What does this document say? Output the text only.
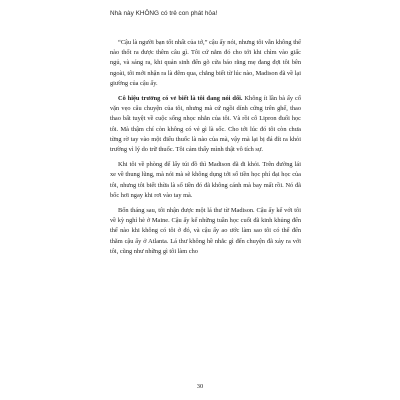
Nhà này KHÔNG có trẻ con phát hỏa!

“Cậu là người bạn tốt nhất của tớ,” cậu ấy nói, nhưng tôi vẫn không thể nào thốt ra được thêm câu gì. Tôi cứ nằm đó cho tới khi chìm vào giấc ngủ, và sáng ra, khi quản sinh đến gõ cửa báo rằng mẹ đang đợi tôi bên ngoài, tôi mới nhận ra là đêm qua, chẳng biết từ lúc nào, Madison đã về lại giường của cậu ấy.

Cô hiệu trưởng có vẻ biết là tôi đang nói dối. Không ít lần bà ấy cố vặn vẹo câu chuyện của tôi, nhưng mà cứ ngồi dính cứng trên ghế, thao thao bất tuyệt về cuộc sống nhọc nhằn của tôi. Và rồi cô Lipron đuổi học tôi. Mà thậm chí còn không có vẻ gì là sốc. Cho tới lúc đó tôi còn chưa từng rờ tay vào một điếu thuốc là nào của mà, vậy mà lại bị đá đít ra khỏi trường vì lý do trữ thuốc. Tôi cảm thấy mình thật vô tích sự.

Khi tôi về phòng để lấy túi đồ thì Madison đã đi khỏi. Trên đường lái xe về thung lũng, mà nói mà sẽ không dụng tới số tiền học phí đại học của tôi, nhưng tôi biết thừa là số tiền đó đã không cánh mà bay mất rồi. Nó đã bốc hơi ngay khi rơi vào tay mà.

Bốn tháng sau, tôi nhận được một lá thư từ Madison. Cậu ấy kể với tôi về kỳ nghỉ hè ở Maine. Cậu ấy kể những tuần học cuối đã kinh khủng đến thế nào khi không có tôi ở đó, và cậu ấy ao ước làm sao tôi có thể đến thăm cậu ấy ở Atlanta. Lá thư không hề nhắc gì đến chuyện đã xảy ra với tôi, cũng như những gì tôi làm cho

30
